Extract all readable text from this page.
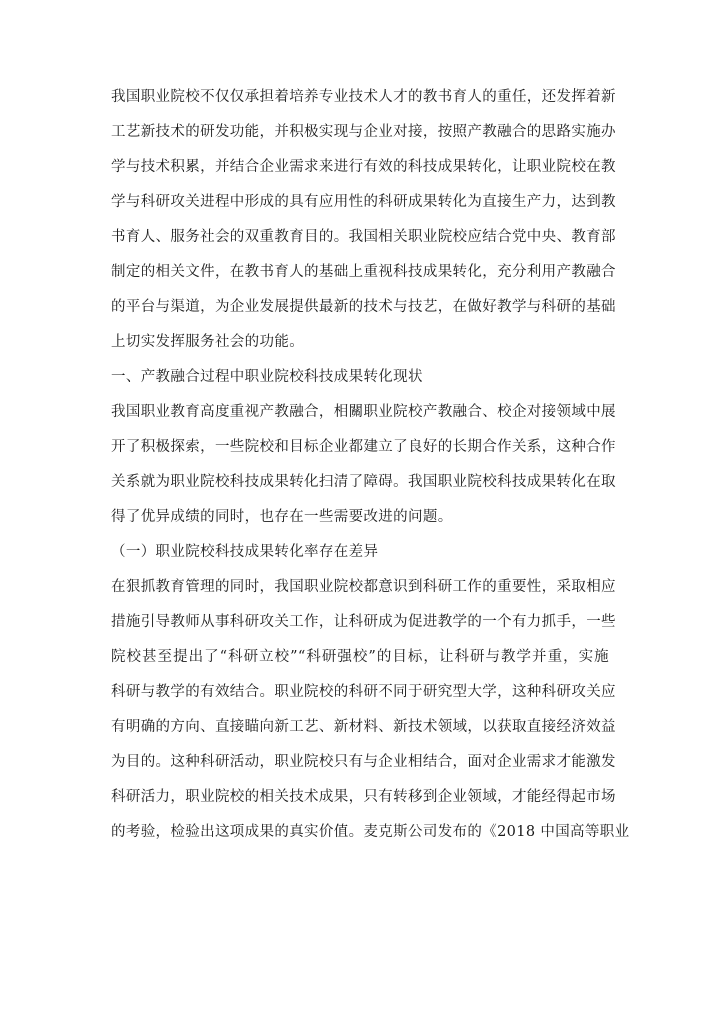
我国职业院校不仅仅承担着培养专业技术人才的教书育人的重任，还发挥着新
工艺新技术的研发功能，并积极实现与企业对接，按照产教融合的思路实施办
学与技术积累，并结合企业需求来进行有效的科技成果转化，让职业院校在教
学与科研攻关进程中形成的具有应用性的科研成果转化为直接生产力，达到教
书育人、服务社会的双重教育目的。我国相关职业院校应结合党中央、教育部
制定的相关文件，在教书育人的基础上重视科技成果转化，充分利用产教融合
的平台与渠道，为企业发展提供最新的技术与技艺，在做好教学与科研的基础
上切实发挥服务社会的功能。
一、产教融合过程中职业院校科技成果转化现状
我国职业教育高度重视产教融合，相關职业院校产教融合、校企对接领域中展
开了积极探索，一些院校和目标企业都建立了良好的长期合作关系，这种合作
关系就为职业院校科技成果转化扫清了障碍。我国职业院校科技成果转化在取
得了优异成绩的同时，也存在一些需要改进的问题。
（一）职业院校科技成果转化率存在差异
在狠抓教育管理的同时，我国职业院校都意识到科研工作的重要性，采取相应
措施引导教师从事科研攻关工作，让科研成为促进教学的一个有力抓手，一些
院校甚至提出了“科研立校”“科研强校”的目标，让科研与教学并重，实施
科研与教学的有效结合。职业院校的科研不同于研究型大学，这种科研攻关应
有明确的方向、直接瞄向新工艺、新材料、新技术领域，以获取直接经济效益
为目的。这种科研活动，职业院校只有与企业相结合，面对企业需求才能激发
科研活力，职业院校的相关技术成果，只有转移到企业领域，才能经得起市场
的考验，检验出这项成果的真实价值。麦克斯公司发布的《2018 中国高等职业
